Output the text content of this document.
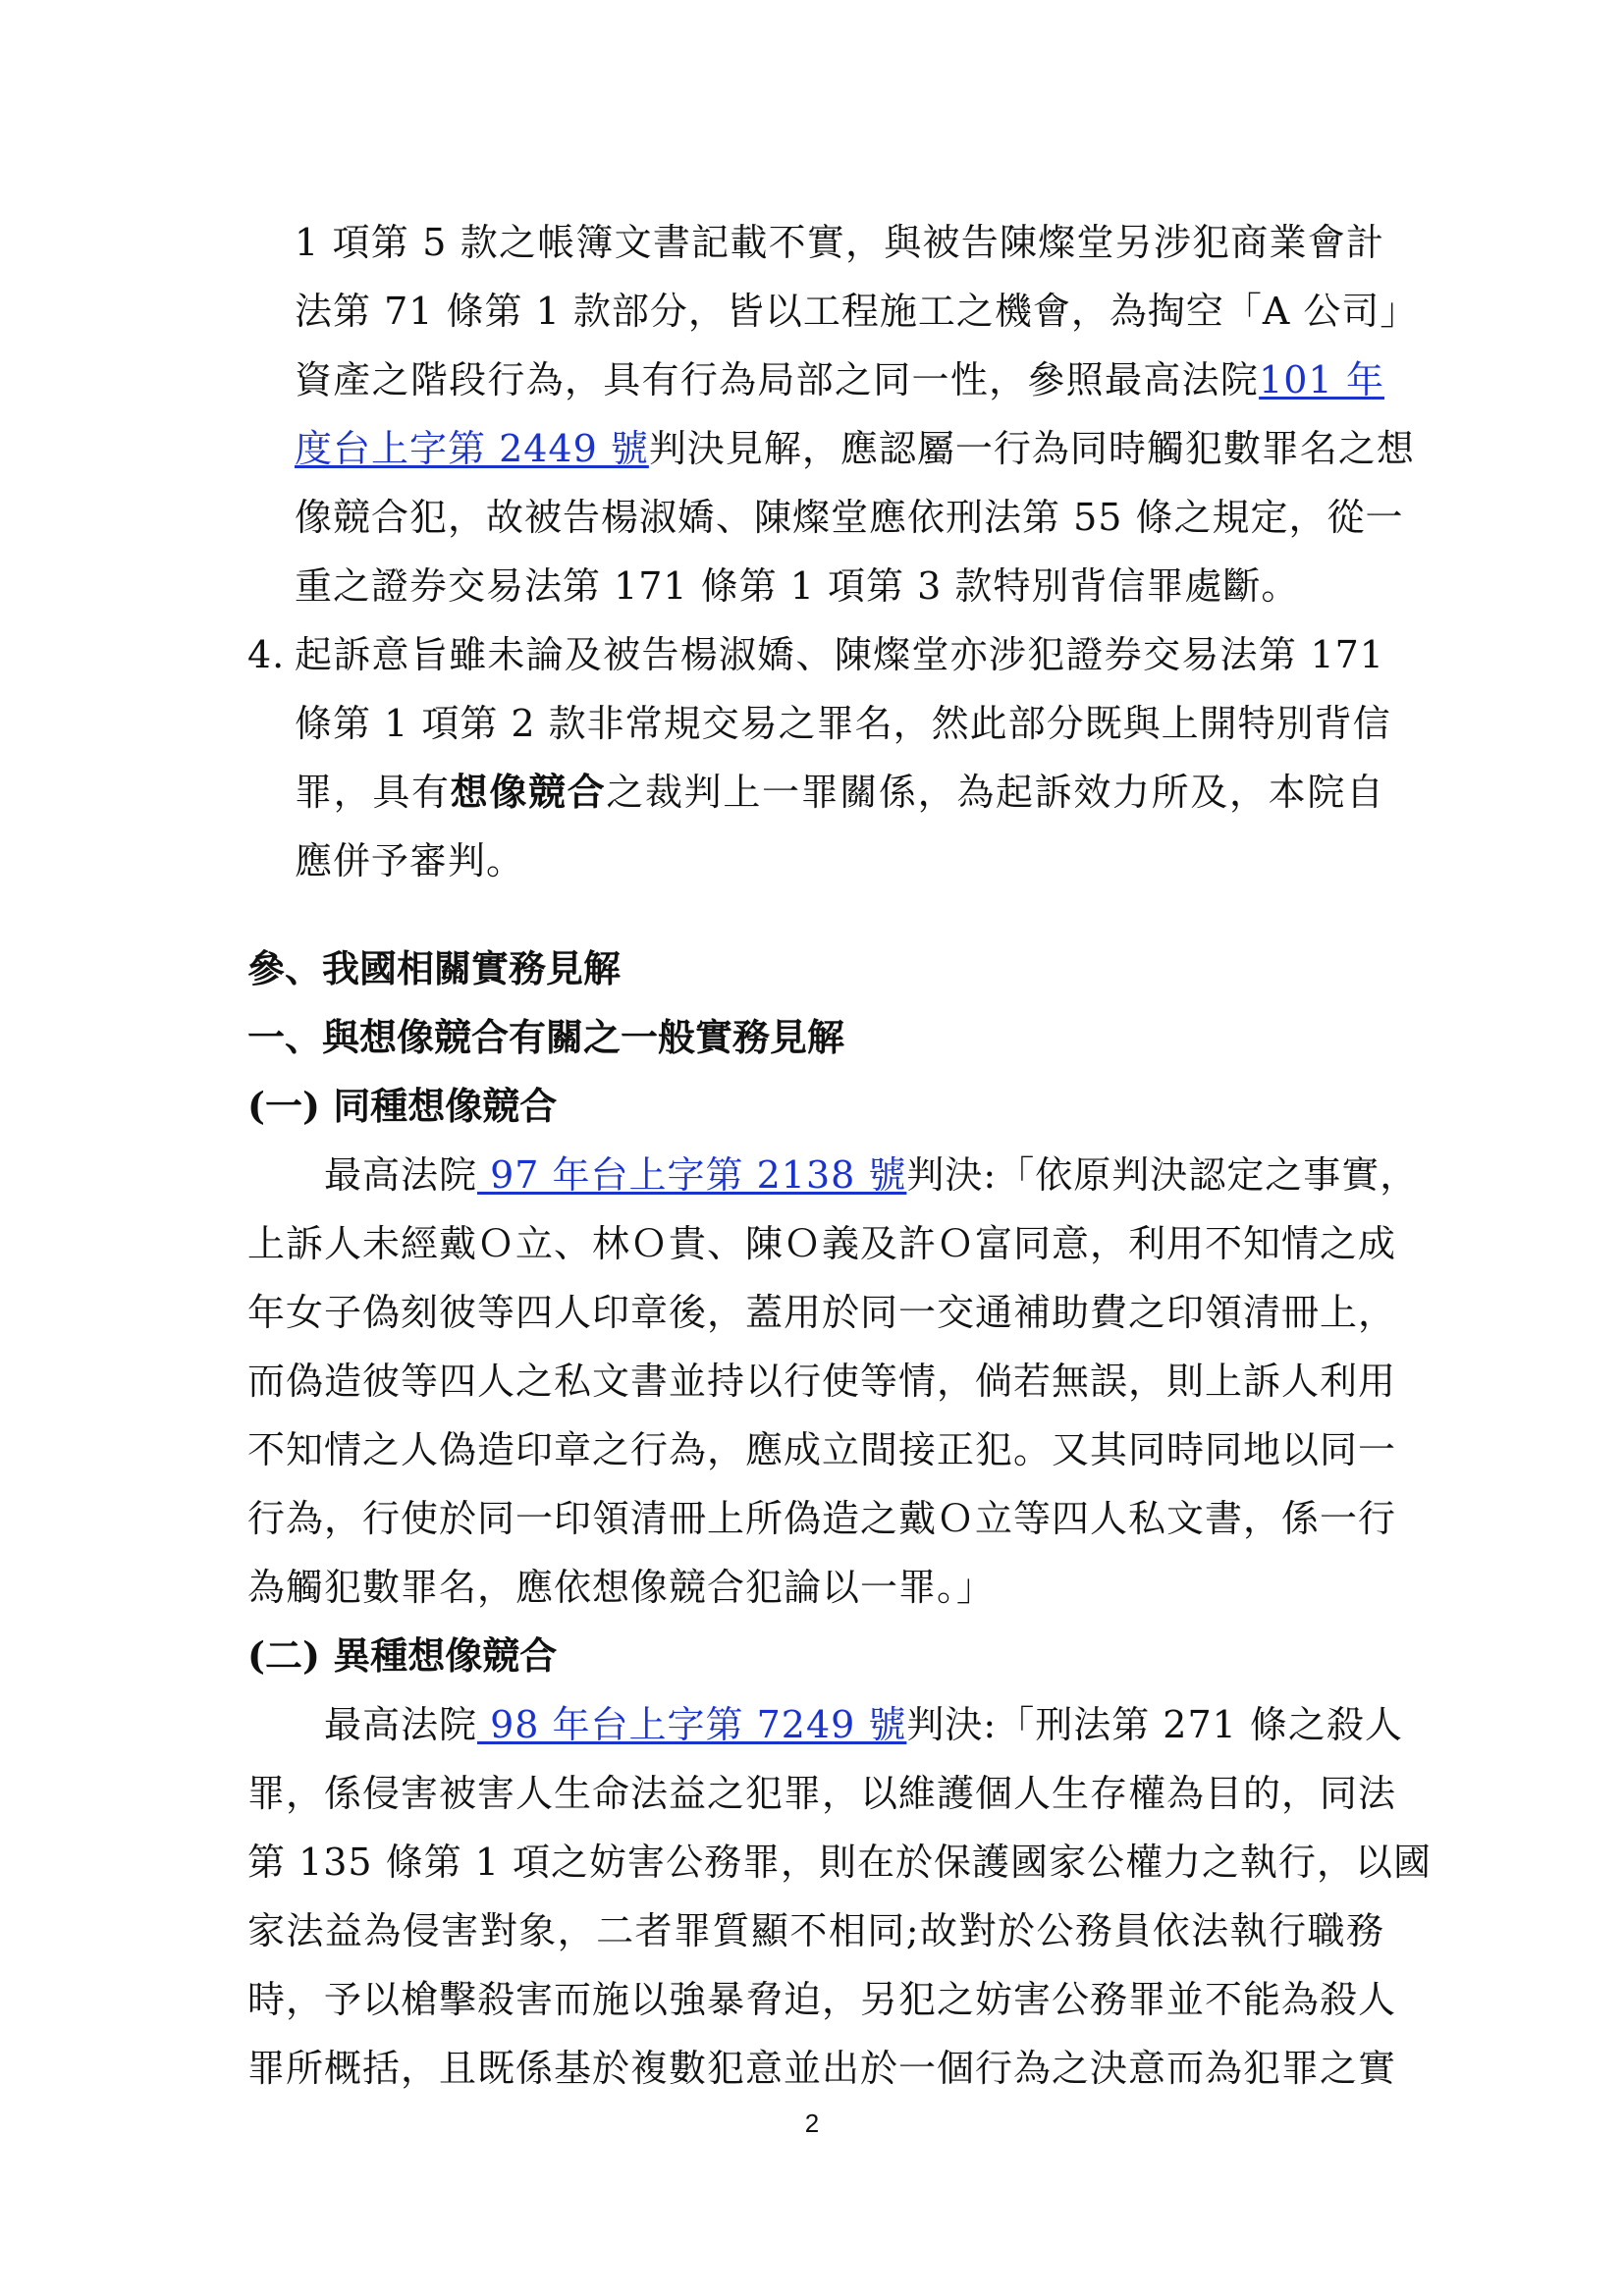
1 項第 5 款之帳簿文書記載不實，與被告陳燦堂另涉犯商業會計
法第 71 條第 1 款部分，皆以工程施工之機會，為掏空「A 公司」
資產之階段行為，具有行為局部之同一性，參照最高法院101 年
度台上字第 2449 號判決見解，應認屬一行為同時觸犯數罪名之想
像競合犯，故被告楊淑嬌、陳燦堂應依刑法第 55 條之規定，從一
重之證券交易法第 171 條第 1 項第 3 款特別背信罪處斷。
4. 起訴意旨雖未論及被告楊淑嬌、陳燦堂亦涉犯證券交易法第 171
條第 1 項第 2 款非常規交易之罪名，然此部分既與上開特別背信
罪，具有想像競合之裁判上一罪關係，為起訴效力所及，本院自
應併予審判。
參、我國相關實務見解
一、與想像競合有關之一般實務見解
(一) 同種想像競合
最高法院 97 年台上字第 2138 號判決:「依原判決認定之事實，
上訴人未經戴Ｏ立、林Ｏ貴、陳Ｏ義及許Ｏ富同意，利用不知情之成
年女子偽刻彼等四人印章後，蓋用於同一交通補助費之印領清冊上，
而偽造彼等四人之私文書並持以行使等情，倘若無誤，則上訴人利用
不知情之人偽造印章之行為，應成立間接正犯。又其同時同地以同一
行為，行使於同一印領清冊上所偽造之戴Ｏ立等四人私文書，係一行
為觸犯數罪名，應依想像競合犯論以一罪。」
(二) 異種想像競合
最高法院 98 年台上字第 7249 號判決:「刑法第 271 條之殺人
罪，係侵害被害人生命法益之犯罪，以維護個人生存權為目的，同法
第 135 條第 1 項之妨害公務罪，則在於保護國家公權力之執行，以國
家法益為侵害對象，二者罪質顯不相同;故對於公務員依法執行職務
時，予以槍擊殺害而施以強暴脅迫，另犯之妨害公務罪並不能為殺人
罪所概括，且既係基於複數犯意並出於一個行為之決意而為犯罪之實
2
